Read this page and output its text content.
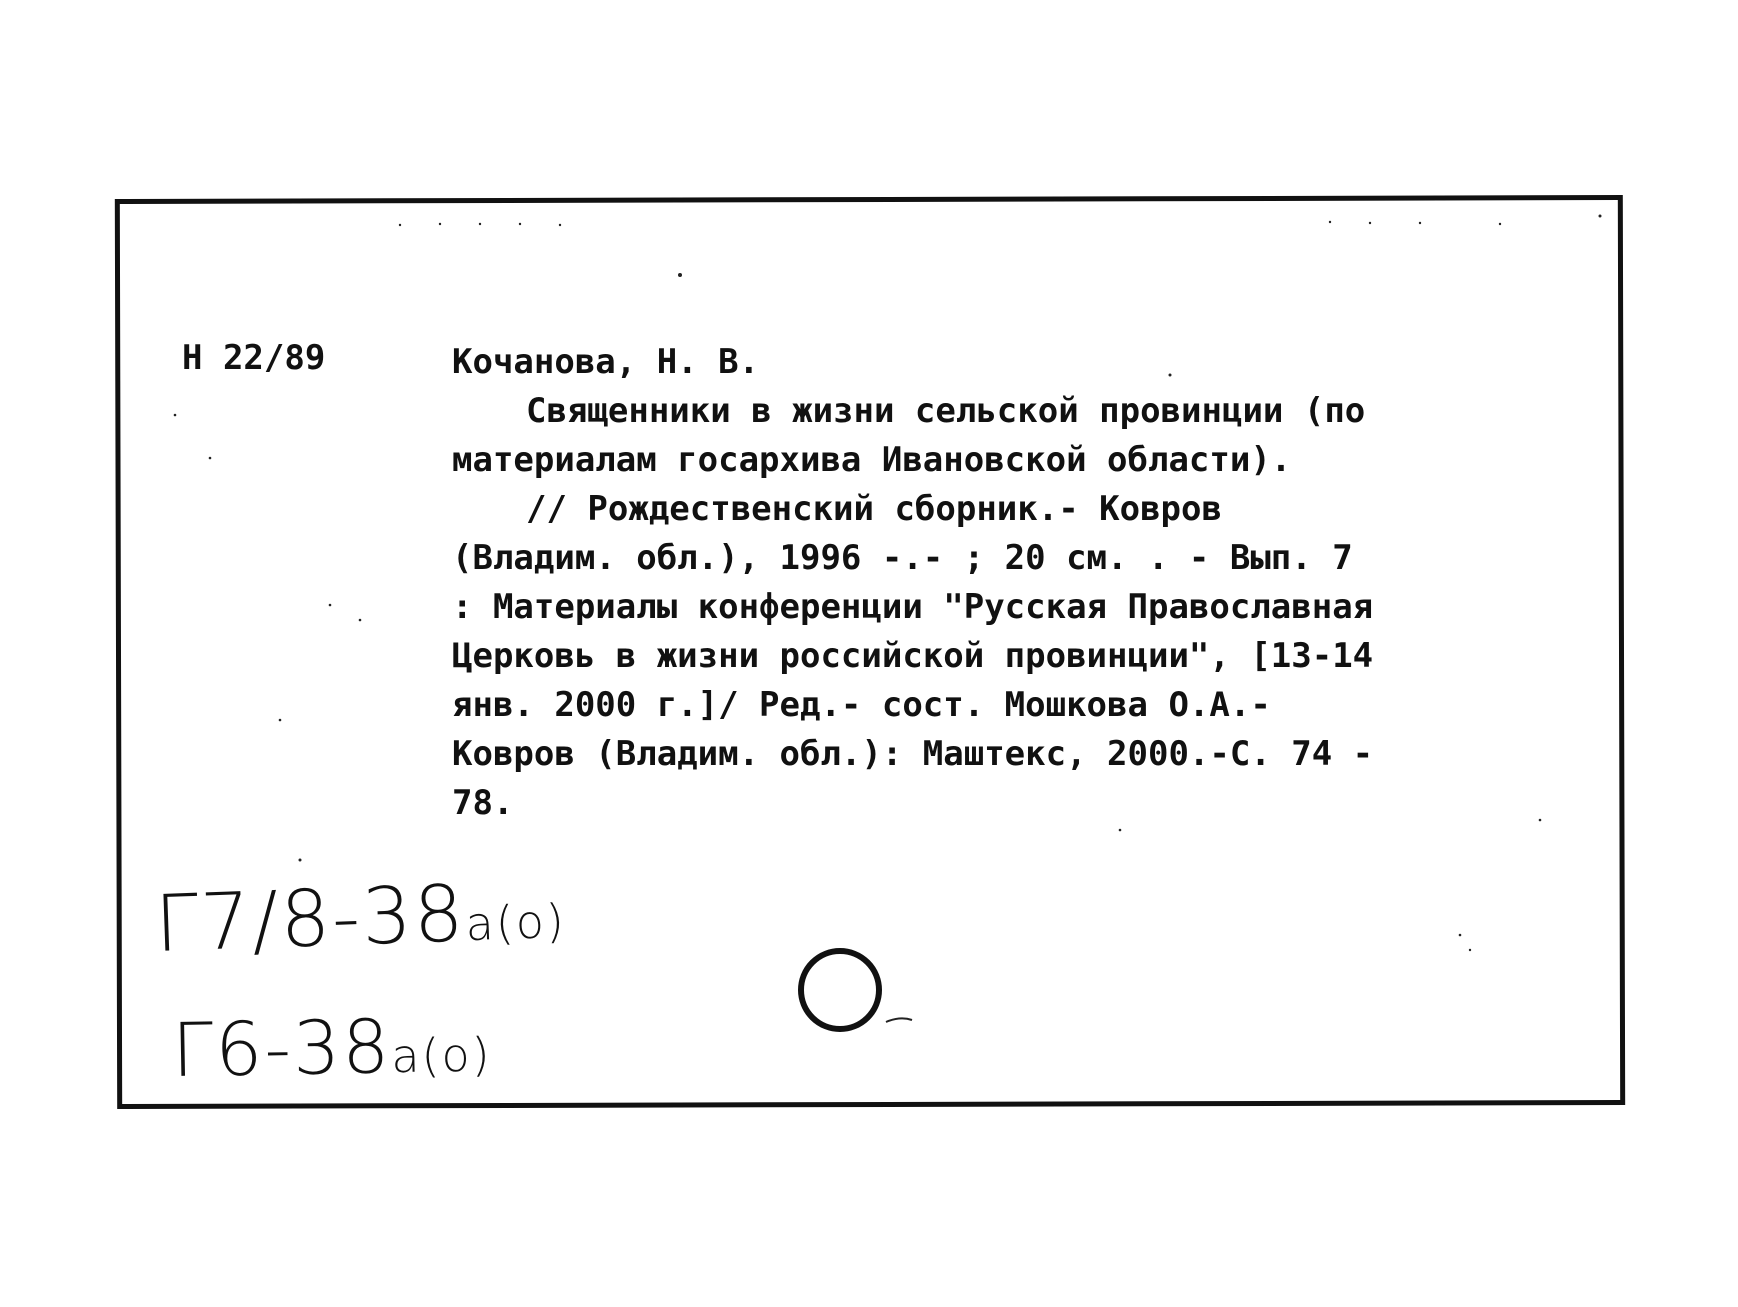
Н 22/89	Кочанова, Н. В.
Священники в жизни сельской провинции (по
материалам госархива Ивановской области).
// Рождественский сборник.- Ковров
(Владим. обл.), 1996 -.- ; 20 см. . - Вып. 7
: Материалы конференции "Русская Православная
Церковь в жизни российской провинции", [13-14
янв. 2000 г.]/ Ред.- сост. Мошкова О.А.-
Ковров (Владим. обл.): Маштекс, 2000.-С. 74 -
78.
Г7/8-38а(о)
Г6-38а(о)
